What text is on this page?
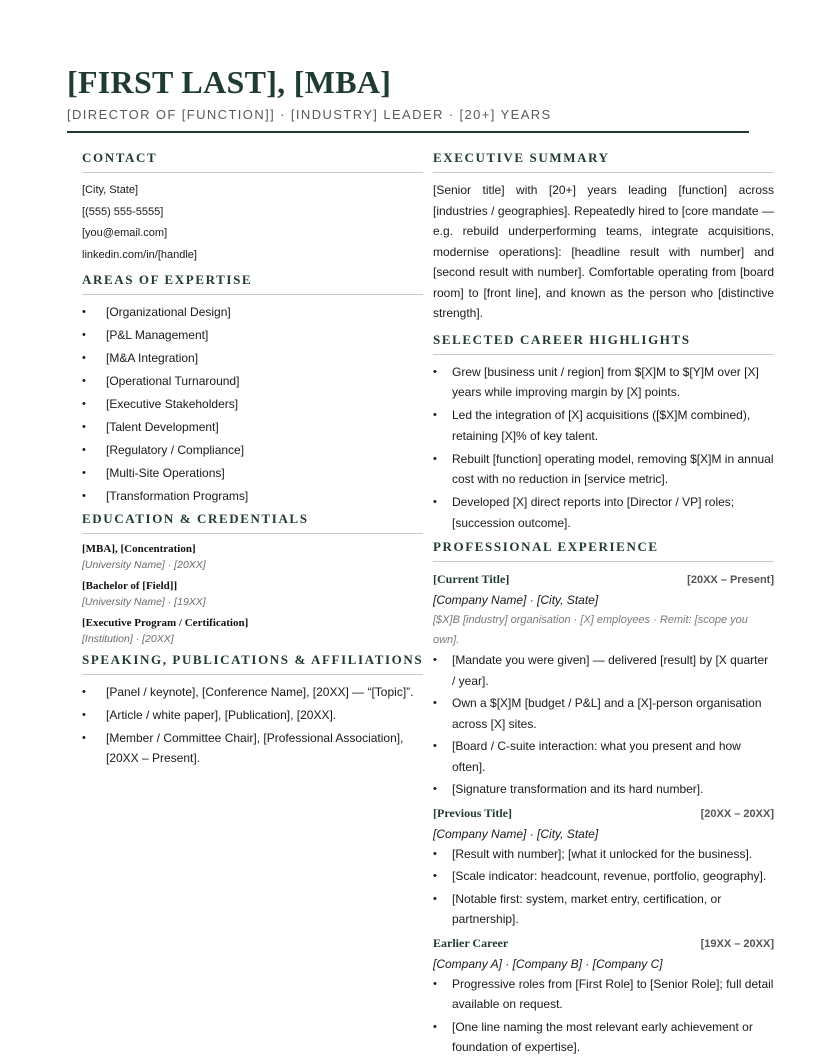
[FIRST LAST], [MBA]
[DIRECTOR OF [FUNCTION]] · [INDUSTRY] LEADER · [20+] YEARS
CONTACT
[City, State]
[(555) 555-5555]
[you@email.com]
linkedin.com/in/[handle]
AREAS OF EXPERTISE
• [Organizational Design]
• [P&L Management]
• [M&A Integration]
• [Operational Turnaround]
• [Executive Stakeholders]
• [Talent Development]
• [Regulatory / Compliance]
• [Multi-Site Operations]
• [Transformation Programs]
EDUCATION & CREDENTIALS
[MBA], [Concentration]
[University Name] · [20XX]
[Bachelor of [Field]]
[University Name] · [19XX]
[Executive Program / Certification]
[Institution] · [20XX]
SPEAKING, PUBLICATIONS & AFFILIATIONS
• [Panel / keynote], [Conference Name], [20XX] — “[Topic]”.
• [Article / white paper], [Publication], [20XX].
• [Member / Committee Chair], [Professional Association], [20XX – Present].
EXECUTIVE SUMMARY

[Senior title] with [20+] years leading [function] across [industries / geographies]. Repeatedly hired to [core mandate — e.g. rebuild underperforming teams, integrate acquisitions, modernise operations]: [headline result with number] and [second result with number]. Comfortable operating from [board room] to [front line], and known as the person who [distinctive strength].

SELECTED CAREER HIGHLIGHTS
• Grew [business unit / region] from $[X]M to $[Y]M over [X] years while improving margin by [X] points.
• Led the integration of [X] acquisitions ([$X]M combined), retaining [X]% of key talent.
• Rebuilt [function] operating model, removing $[X]M in annual cost with no reduction in [service metric].
• Developed [X] direct reports into [Director / VP] roles; [succession outcome].
PROFESSIONAL EXPERIENCE
[Current Title]	[20XX – Present]
[Company Name] · [City, State]
[$X]B [industry] organisation · [X] employees · Remit: [scope you own].
• [Mandate you were given] — delivered [result] by [X quarter / year].
• Own a $[X]M [budget / P&L] and a [X]-person organisation across [X] sites.
• [Board / C-suite interaction: what you present and how often].
• [Signature transformation and its hard number].
[Previous Title]	[20XX – 20XX]
[Company Name] · [City, State]
• [Result with number]; [what it unlocked for the business].
• [Scale indicator: headcount, revenue, portfolio, geography].
• [Notable first: system, market entry, certification, or partnership].
Earlier Career	[19XX – 20XX]
[Company A] · [Company B] · [Company C]
• Progressive roles from [First Role] to [Senior Role]; full detail available on request.
• [One line naming the most relevant early achievement or foundation of expertise].
